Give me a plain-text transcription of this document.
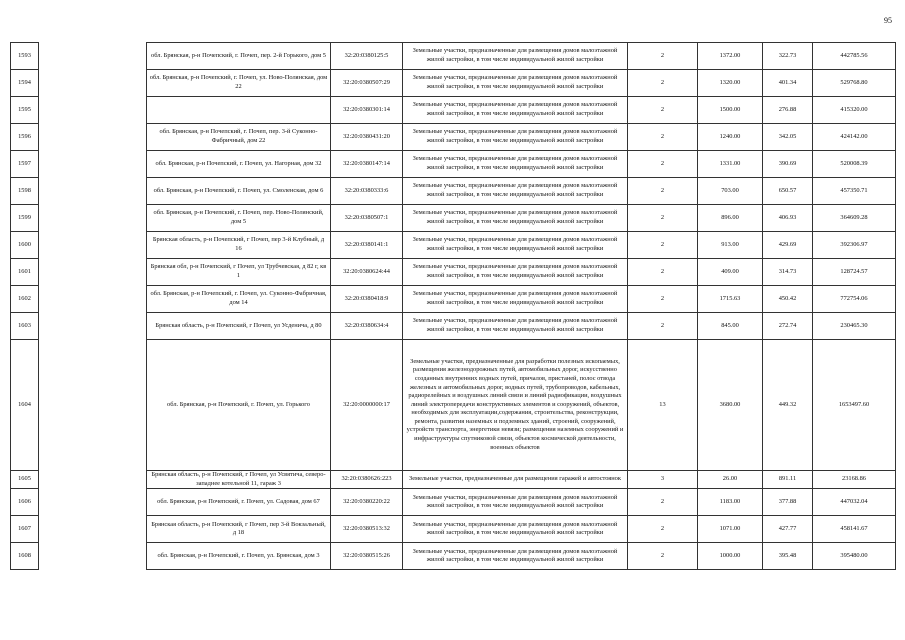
95
1593		обл. Брянская, р-н Почепский, г. Почеп, пер. 2-й Горького, дом 5	32:20:0380125:5	Земельные участки, предназначенные для размещения домов малоэтажной жилой застройки, в том числе индивидуальной жилой застройки	2	1372.00	322.73	442785.56
1594		обл. Брянская, р-н Почепский, г. Почеп, ул. Ново-Полянская, дом 22	32:20:0380507:29	Земельные участки, предназначенные для размещения домов малоэтажной жилой застройки, в том числе индивидуальной жилой застройки	2	1320.00	401.34	529768.80
1595			32:20:0380301:14	Земельные участки, предназначенные для размещения домов малоэтажной жилой застройки, в том числе индивидуальной жилой застройки	2	1500.00	276.88	415320.00
1596		обл. Брянская, р-н Почепский, г. Почеп, пер. 3-й Суконно-Фабричный, дом 22	32:20:0380431:20	Земельные участки, предназначенные для размещения домов малоэтажной жилой застройки, в том числе индивидуальной жилой застройки	2	1240.00	342.05	424142.00
1597		обл. Брянская, р-н Почепский, г. Почеп, ул. Нагорная, дом 32	32:20:0380147:14	Земельные участки, предназначенные для размещения домов малоэтажной жилой застройки, в том числе индивидуальной жилой застройки	2	1331.00	390.69	520008.39
1598		обл. Брянская, р-н Почепский, г. Почеп, ул. Смоленская, дом 6	32:20:0380333:6	Земельные участки, предназначенные для размещения домов малоэтажной жилой застройки, в том числе индивидуальной жилой застройки	2	703.00	650.57	457350.71
1599		обл. Брянская, р-н Почепский, г. Почеп, пер. Ново-Полянский, дом 5	32:20:0380507:1	Земельные участки, предназначенные для размещения домов малоэтажной жилой застройки, в том числе индивидуальной жилой застройки	2	896.00	406.93	364609.28
1600		Брянская область, р-н Почепский, г Почеп, пер 3-й Клубный, д 16	32:20:0380141:1	Земельные участки, предназначенные для размещения домов малоэтажной жилой застройки, в том числе индивидуальной жилой застройки	2	913.00	429.69	392306.97
1601		Брянская обл, р-н Почепский, г Почеп, ул Трубчевская, д 82 г, кв 1	32:20:0380624:44	Земельные участки, предназначенные для размещения домов малоэтажной жилой застройки, в том числе индивидуальной жилой застройки	2	409.00	314.73	128724.57
1602		обл. Брянская, р-н Почепский, г. Почеп, ул. Суконно-Фабричная, дом 14	32:20:0380418:9	Земельные участки, предназначенные для размещения домов малоэтажной жилой застройки, в том числе индивидуальной жилой застройки	2	1715.63	450.42	772754.06
1603		Брянская область, р-н Почепский, г Почеп, ул Усденича, д 80	32:20:0380634:4	Земельные участки, предназначенные для размещения домов малоэтажной жилой застройки, в том числе индивидуальной жилой застройки	2	845.00	272.74	230465.30
1604		обл. Брянская, р-н Почепский, г. Почеп, ул. Горького	32:20:0000000:17	Земельные участки, предназначенные для разработки полезных ископаемых, размещения железнодорожных путей, автомобильных дорог, искусственно созданных внутренних водных путей, причалов, пристаней, полос отвода железных и автомобильных дорог, водных путей, трубопроводов, кабельных, радиорелейных и воздушных линий связи и линий радиофикации, воздушных линий электропередачи конструктивных элементов и сооружений, объектов, необходимых для эксплуатации,содержания, строительства, реконструкции, ремонта, развития наземных и подземных зданий, строений, сооружений, устройств транспорта, энергетики невязи; размещения наземных сооружений и инфраструктуры спутниковой связи, объектов космической деятельности, военных объектов	13	3680.00	449.32	1653497.60
1605		Брянская область, р-н Почепский, г Почеп, ул Усвятича, северо-западнее котельной 11, гараж 3	32:20:0380626:223	Земельные участки, предназначенные для размещения гаражей и автостоянок	3	26.00	891.11	23168.86
1606		обл. Брянская, р-н Почепский, г. Почеп, ул. Садовая, дом 67	32:20:0380220:22	Земельные участки, предназначенные для размещения домов малоэтажной жилой застройки, в том числе индивидуальной жилой застройки	2	1183.00	377.88	447032.04
1607		Брянская область, р-н Почепский, г Почеп, пер 3-й Вокзальный, д 18	32:20:0380513:32	Земельные участки, предназначенные для размещения домов малоэтажной жилой застройки, в том числе индивидуальной жилой застройки	2	1071.00	427.77	458141.67
1608		обл. Брянская, р-н Почепский, г. Почеп, ул. Брянская, дом 3	32:20:0380515:26	Земельные участки, предназначенные для размещения домов малоэтажной жилой застройки, в том числе индивидуальной жилой застройки	2	1000.00	395.48	395480.00
